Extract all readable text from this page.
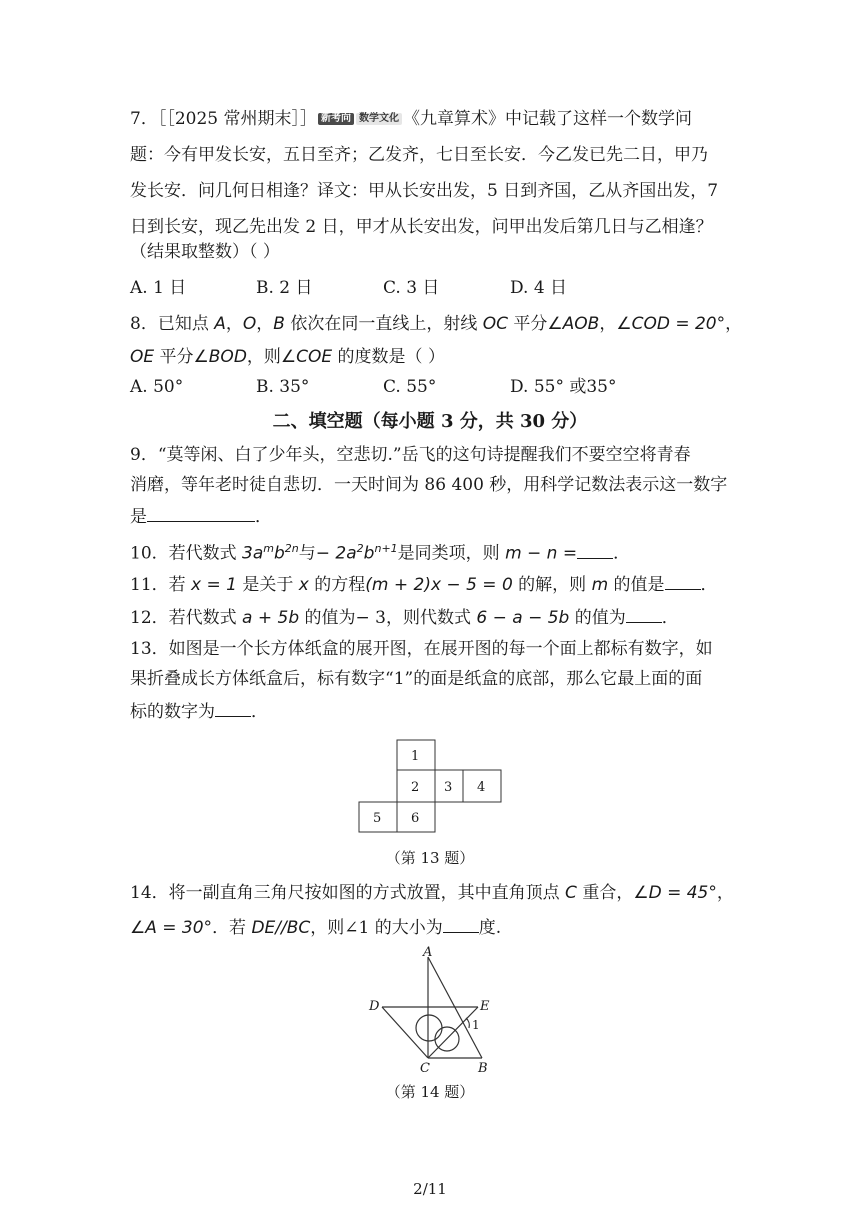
7．［［2025 常州期末］］ 新考向 数学文化 《九章算术》中记载了这样一个数学问
题：今有甲发长安，五日至齐；乙发齐，七日至长安．今乙发已先二日，甲乃
发长安．问几何日相逢？译文：甲从长安出发，5 日到齐国，乙从齐国出发，7
日到长安，现乙先出发 2 日，甲才从长安出发，问甲出发后第几日与乙相逢？
（结果取整数）（ ）
A. 1 日	B. 2 日	C. 3 日	D. 4 日
8．已知点 A，O，B 依次在同一直线上，射线 OC 平分∠AOB，∠COD = 20°，
OE 平分∠BOD，则∠COE 的度数是（ ）
A. 50°	B. 35°	C. 55°	D. 55° 或35°
二、填空题（每小题 3 分，共 30 分）
9．“莫等闲、白了少年头，空悲切.”岳飞的这句诗提醒我们不要空空将青春
消磨，等年老时徒自悲切．一天时间为 86 400 秒，用科学记数法表示这一数字
是	．
10．若代数式 $3a^mb^{2n}$与− $2a^2b^{n+1}$是同类项，则 m − n = ．
11．若 x = 1 是关于 x 的方程(m + 2)x − 5 = 0 的解，则 m 的值是 ．
12．若代数式 a + 5b 的值为− 3，则代数式 6 − a − 5b 的值为 ．
13．如图是一个长方体纸盒的展开图，在展开图的每一个面上都标有数字，如
果折叠成长方体纸盒后，标有数字“1”的面是纸盒的底部，那么它最上面的面
标的数字为 ．
1
2 3 4
5 6
（第 13 题）
14．将一副直角三角尺按如图的方式放置，其中直角顶点 C 重合，∠D = 45°，
∠A = 30°．若 DE//BC，则∠1 的大小为 度.
A
D	E
C	B
1
（第 14 题）
2/11
